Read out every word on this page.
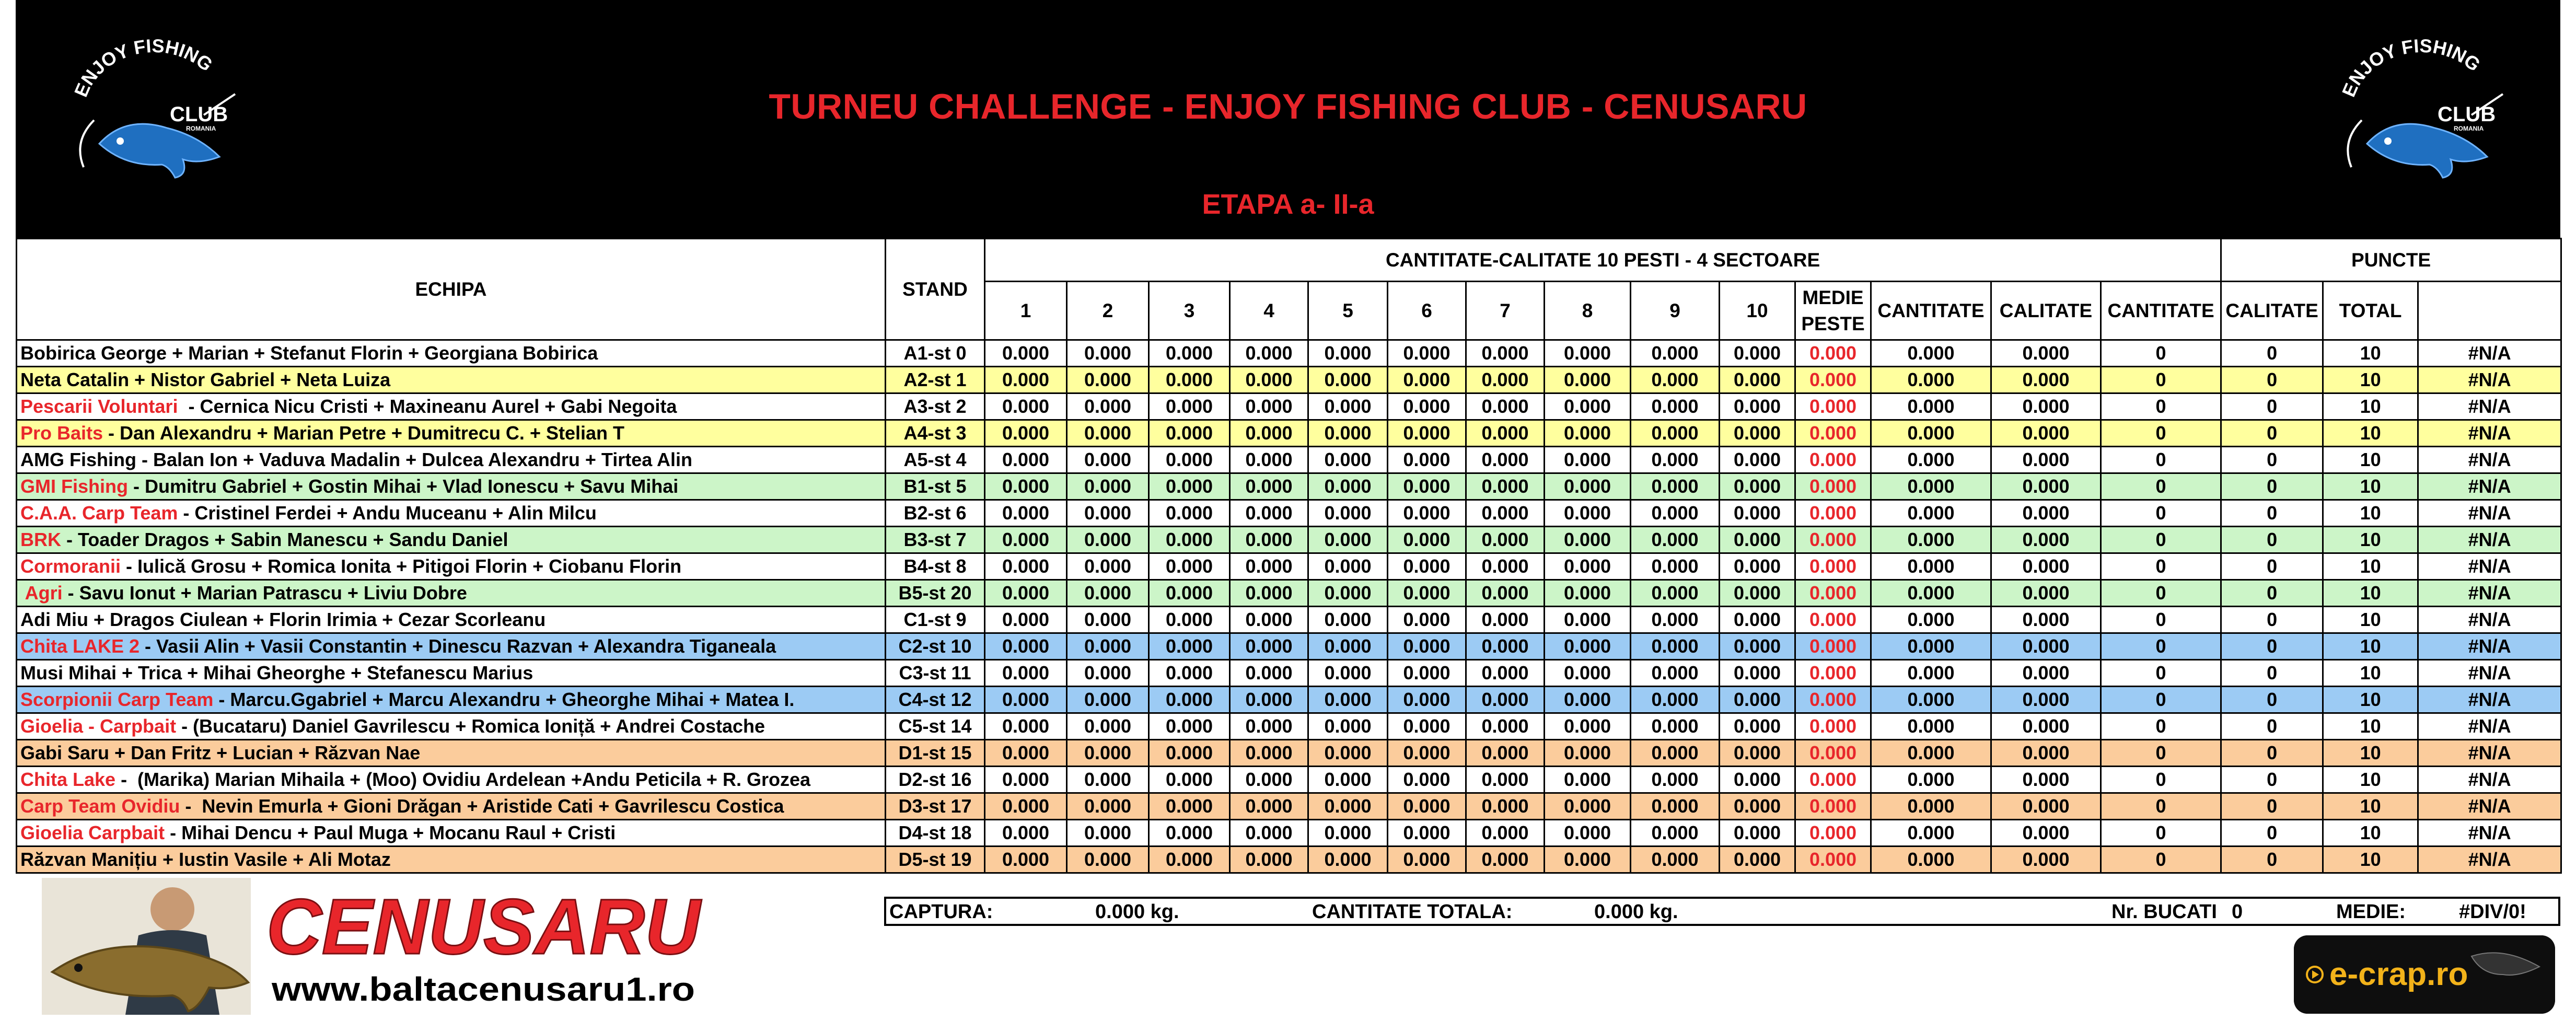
ENJOY FISHING
CLUB
ROMANIA
TURNEU CHALLENGE - ENJOY FISHING CLUB - CENUSARU
ETAPA a- II-a
ENJOY FISHING
CLUB
ROMANIA
ECHIPA	STAND	CANTITATE-CALITATE 10 PESTI - 4 SECTOARE														PUNCTE	
		1	2	3	4	5	6	7	8	9	10	MEDIE PESTE	CANTITATE	CALITATE	CANTITATE	CALITATE	TOTAL		
Bobirica George + Marian + Stefanut Florin + Georgiana Bobirica	A1-st 0	0.000	0.000	0.000	0.000	0.000	0.000	0.000	0.000	0.000	0.000	0.000	0.000	0.000	0	0	10	#N/A	
Neta Catalin + Nistor Gabriel + Neta Luiza	A2-st 1	0.000	0.000	0.000	0.000	0.000	0.000	0.000	0.000	0.000	0.000	0.000	0.000	0.000	0	0	10	#N/A	
Pescarii Voluntari  - Cernica Nicu Cristi + Maxineanu Aurel + Gabi Negoita	A3-st 2	0.000	0.000	0.000	0.000	0.000	0.000	0.000	0.000	0.000	0.000	0.000	0.000	0.000	0	0	10	#N/A	
Pro Baits - Dan Alexandru + Marian Petre + Dumitrecu C. + Stelian T	A4-st 3	0.000	0.000	0.000	0.000	0.000	0.000	0.000	0.000	0.000	0.000	0.000	0.000	0.000	0	0	10	#N/A	
AMG Fishing - Balan Ion + Vaduva Madalin + Dulcea Alexandru + Tirtea Alin	A5-st 4	0.000	0.000	0.000	0.000	0.000	0.000	0.000	0.000	0.000	0.000	0.000	0.000	0.000	0	0	10	#N/A	
GMI Fishing - Dumitru Gabriel + Gostin Mihai + Vlad Ionescu + Savu Mihai	B1-st 5	0.000	0.000	0.000	0.000	0.000	0.000	0.000	0.000	0.000	0.000	0.000	0.000	0.000	0	0	10	#N/A	
C.A.A. Carp Team - Cristinel Ferdei + Andu Muceanu + Alin Milcu	B2-st 6	0.000	0.000	0.000	0.000	0.000	0.000	0.000	0.000	0.000	0.000	0.000	0.000	0.000	0	0	10	#N/A	
BRK - Toader Dragos + Sabin Manescu + Sandu Daniel	B3-st 7	0.000	0.000	0.000	0.000	0.000	0.000	0.000	0.000	0.000	0.000	0.000	0.000	0.000	0	0	10	#N/A	
Cormoranii - Iulică Grosu + Romica Ionita + Pitigoi Florin + Ciobanu Florin	B4-st 8	0.000	0.000	0.000	0.000	0.000	0.000	0.000	0.000	0.000	0.000	0.000	0.000	0.000	0	0	10	#N/A	
Agri - Savu Ionut + Marian Patrascu + Liviu Dobre	B5-st 20	0.000	0.000	0.000	0.000	0.000	0.000	0.000	0.000	0.000	0.000	0.000	0.000	0.000	0	0	10	#N/A	
Adi Miu + Dragos Ciulean + Florin Irimia + Cezar Scorleanu	C1-st 9	0.000	0.000	0.000	0.000	0.000	0.000	0.000	0.000	0.000	0.000	0.000	0.000	0.000	0	0	10	#N/A	
Chita LAKE 2 - Vasii Alin + Vasii Constantin + Dinescu Razvan + Alexandra Tiganeala	C2-st 10	0.000	0.000	0.000	0.000	0.000	0.000	0.000	0.000	0.000	0.000	0.000	0.000	0.000	0	0	10	#N/A	
Musi Mihai + Trica + Mihai Gheorghe + Stefanescu Marius	C3-st 11	0.000	0.000	0.000	0.000	0.000	0.000	0.000	0.000	0.000	0.000	0.000	0.000	0.000	0	0	10	#N/A	
Scorpionii Carp Team - Marcu.Ggabriel + Marcu Alexandru + Gheorghe Mihai + Matea I.	C4-st 12	0.000	0.000	0.000	0.000	0.000	0.000	0.000	0.000	0.000	0.000	0.000	0.000	0.000	0	0	10	#N/A	
Gioelia - Carpbait - (Bucataru) Daniel Gavrilescu + Romica Ioniță + Andrei Costache	C5-st 14	0.000	0.000	0.000	0.000	0.000	0.000	0.000	0.000	0.000	0.000	0.000	0.000	0.000	0	0	10	#N/A	
Gabi Saru + Dan Fritz + Lucian + Răzvan Nae	D1-st 15	0.000	0.000	0.000	0.000	0.000	0.000	0.000	0.000	0.000	0.000	0.000	0.000	0.000	0	0	10	#N/A	
Chita Lake -  (Marika) Marian Mihaila + (Moo) Ovidiu Ardelean +Andu Peticila + R. Grozea	D2-st 16	0.000	0.000	0.000	0.000	0.000	0.000	0.000	0.000	0.000	0.000	0.000	0.000	0.000	0	0	10	#N/A	
Carp Team Ovidiu -  Nevin Emurla + Gioni Drăgan + Aristide Cati + Gavrilescu Costica	D3-st 17	0.000	0.000	0.000	0.000	0.000	0.000	0.000	0.000	0.000	0.000	0.000	0.000	0.000	0	0	10	#N/A	
Gioelia Carpbait - Mihai Dencu + Paul Muga + Mocanu Raul + Cristi	D4-st 18	0.000	0.000	0.000	0.000	0.000	0.000	0.000	0.000	0.000	0.000	0.000	0.000	0.000	0	0	10	#N/A	
Răzvan Manițiu + Iustin Vasile + Ali Motaz	D5-st 19	0.000	0.000	0.000	0.000	0.000	0.000	0.000	0.000	0.000	0.000	0.000	0.000	0.000	0	0	10	#N/A	
CAPTURA:	0.000 kg.	CANTITATE TOTALA:	0.000 kg.	Nr. BUCATI 0	MEDIE:	#DIV/0!
CENUSARU
www.baltacenusaru1.ro	e-crap.ro
